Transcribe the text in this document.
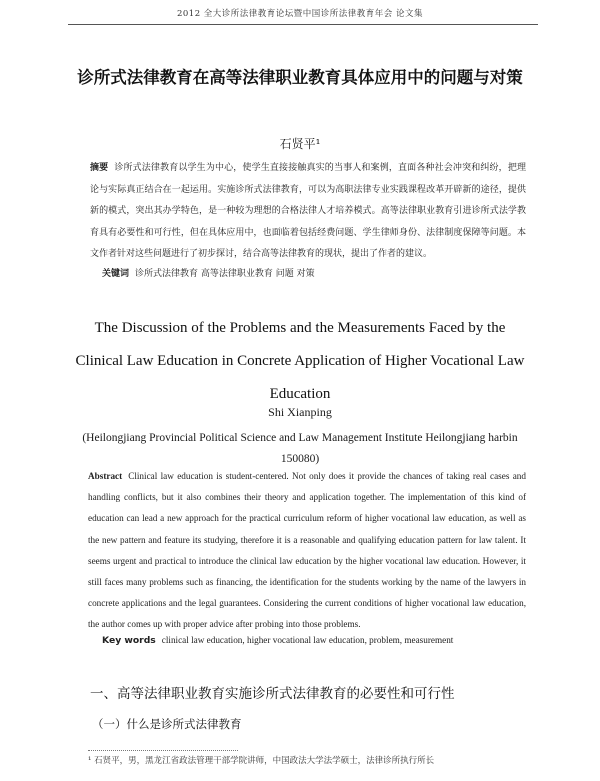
2012 全大诊所法律教育论坛暨中国诊所法律教育年会 论文集
诊所式法律教育在高等法律职业教育具体应用中的问题与对策
石贤平¹
摘要 诊所式法律教育以学生为中心，使学生直接接触真实的当事人和案例，直面各种社会冲突和纠纷，把理论与实际真正结合在一起运用。实施诊所式法律教育，可以为高职法律专业实践课程改革开辟新的途径，提供新的模式，突出其办学特色，是一种较为理想的合格法律人才培养模式。高等法律职业教育引进诊所式法学教育具有必要性和可行性，但在具体应用中，也面临着包括经费问题、学生律师身份、法律制度保障等问题。本文作者针对这些问题进行了初步探讨，结合高等法律教育的现状，提出了作者的建议。
关键词 诊所式法律教育 高等法律职业教育 问题 对策
The Discussion of the Problems and the Measurements Faced by the Clinical Law Education in Concrete Application of Higher Vocational Law Education
Shi Xianping
(Heilongjiang Provincial Political Science and Law Management Institute Heilongjiang harbin 150080)
Abstract Clinical law education is student-centered. Not only does it provide the chances of taking real cases and handling conflicts, but it also combines their theory and application together. The implementation of this kind of education can lead a new approach for the practical curriculum reform of higher vocational law education, as well as the new pattern and feature its studying, therefore it is a reasonable and qualifying education pattern for law talent. It seems urgent and practical to introduce the clinical law education by the higher vocational law education. However, it still faces many problems such as financing, the identification for the students working by the name of the lawyers in concrete applications and the legal guarantees. Considering the current conditions of higher vocational law education, the author comes up with proper advice after probing into those problems.
Key words clinical law education, higher vocational law education, problem, measurement
一、高等法律职业教育实施诊所式法律教育的必要性和可行性
（一）什么是诊所式法律教育
¹ 石贤平，男，黑龙江省政法管理干部学院讲师，中国政法大学法学硕士，法律诊所执行所长
